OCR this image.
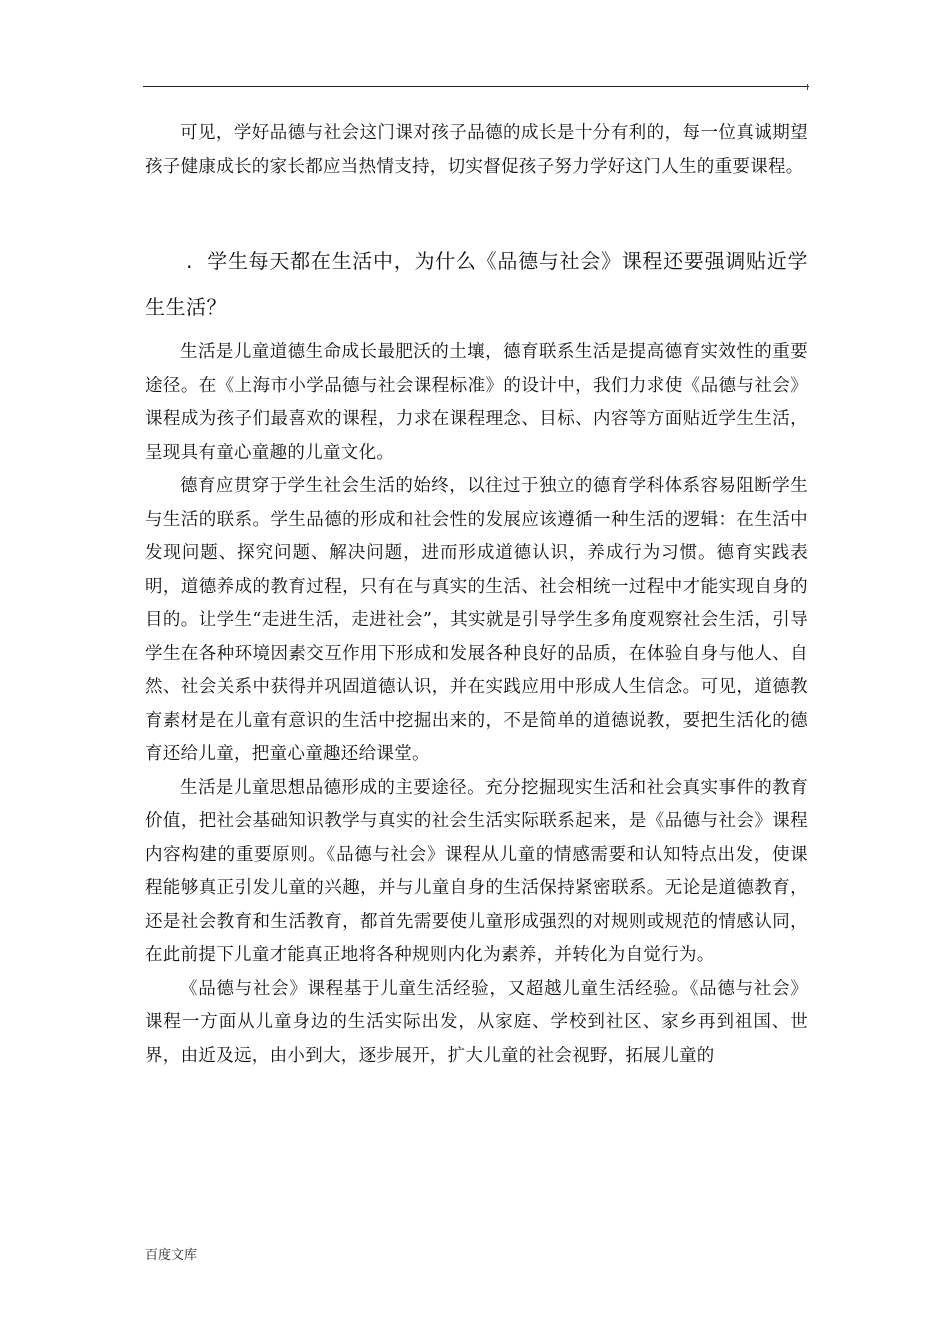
可见，学好品德与社会这门课对孩子品德的成长是十分有利的，每一位真诚期望孩子健康成长的家长都应当热情支持，切实督促孩子努力学好这门人生的重要课程。

. 学生每天都在生活中，为什么《品德与社会》课程还要强调贴近学生生活？

生活是儿童道德生命成长最肥沃的土壤，德育联系生活是提高德育实效性的重要途径。在《上海市小学品德与社会课程标准》的设计中，我们力求使《品德与社会》课程成为孩子们最喜欢的课程，力求在课程理念、目标、内容等方面贴近学生生活，呈现具有童心童趣的儿童文化。

德育应贯穿于学生社会生活的始终，以往过于独立的德育学科体系容易阻断学生与生活的联系。学生品德的形成和社会性的发展应该遵循一种生活的逻辑：在生活中发现问题、探究问题、解决问题，进而形成道德认识，养成行为习惯。德育实践表明，道德养成的教育过程，只有在与真实的生活、社会相统一过程中才能实现自身的目的。让学生“走进生活，走进社会”，其实就是引导学生多角度观察社会生活，引导学生在各种环境因素交互作用下形成和发展各种良好的品质，在体验自身与他人、自然、社会关系中获得并巩固道德认识，并在实践应用中形成人生信念。可见，道德教育素材是在儿童有意识的生活中挖掘出来的，不是简单的道德说教，要把生活化的德育还给儿童，把童心童趣还给课堂。

生活是儿童思想品德形成的主要途径。充分挖掘现实生活和社会真实事件的教育价值，把社会基础知识教学与真实的社会生活实际联系起来，是《品德与社会》课程内容构建的重要原则。《品德与社会》课程从儿童的情感需要和认知特点出发，使课程能够真正引发儿童的兴趣，并与儿童自身的生活保持紧密联系。无论是道德教育，还是社会教育和生活教育，都首先需要使儿童形成强烈的对规则或规范的情感认同，在此前提下儿童才能真正地将各种规则内化为素养，并转化为自觉行为。

《品德与社会》课程基于儿童生活经验，又超越儿童生活经验。《品德与社会》课程一方面从儿童身边的生活实际出发，从家庭、学校到社区、家乡再到祖国、世界，由近及远，由小到大，逐步展开，扩大儿童的社会视野，拓展儿童的

百度文库
